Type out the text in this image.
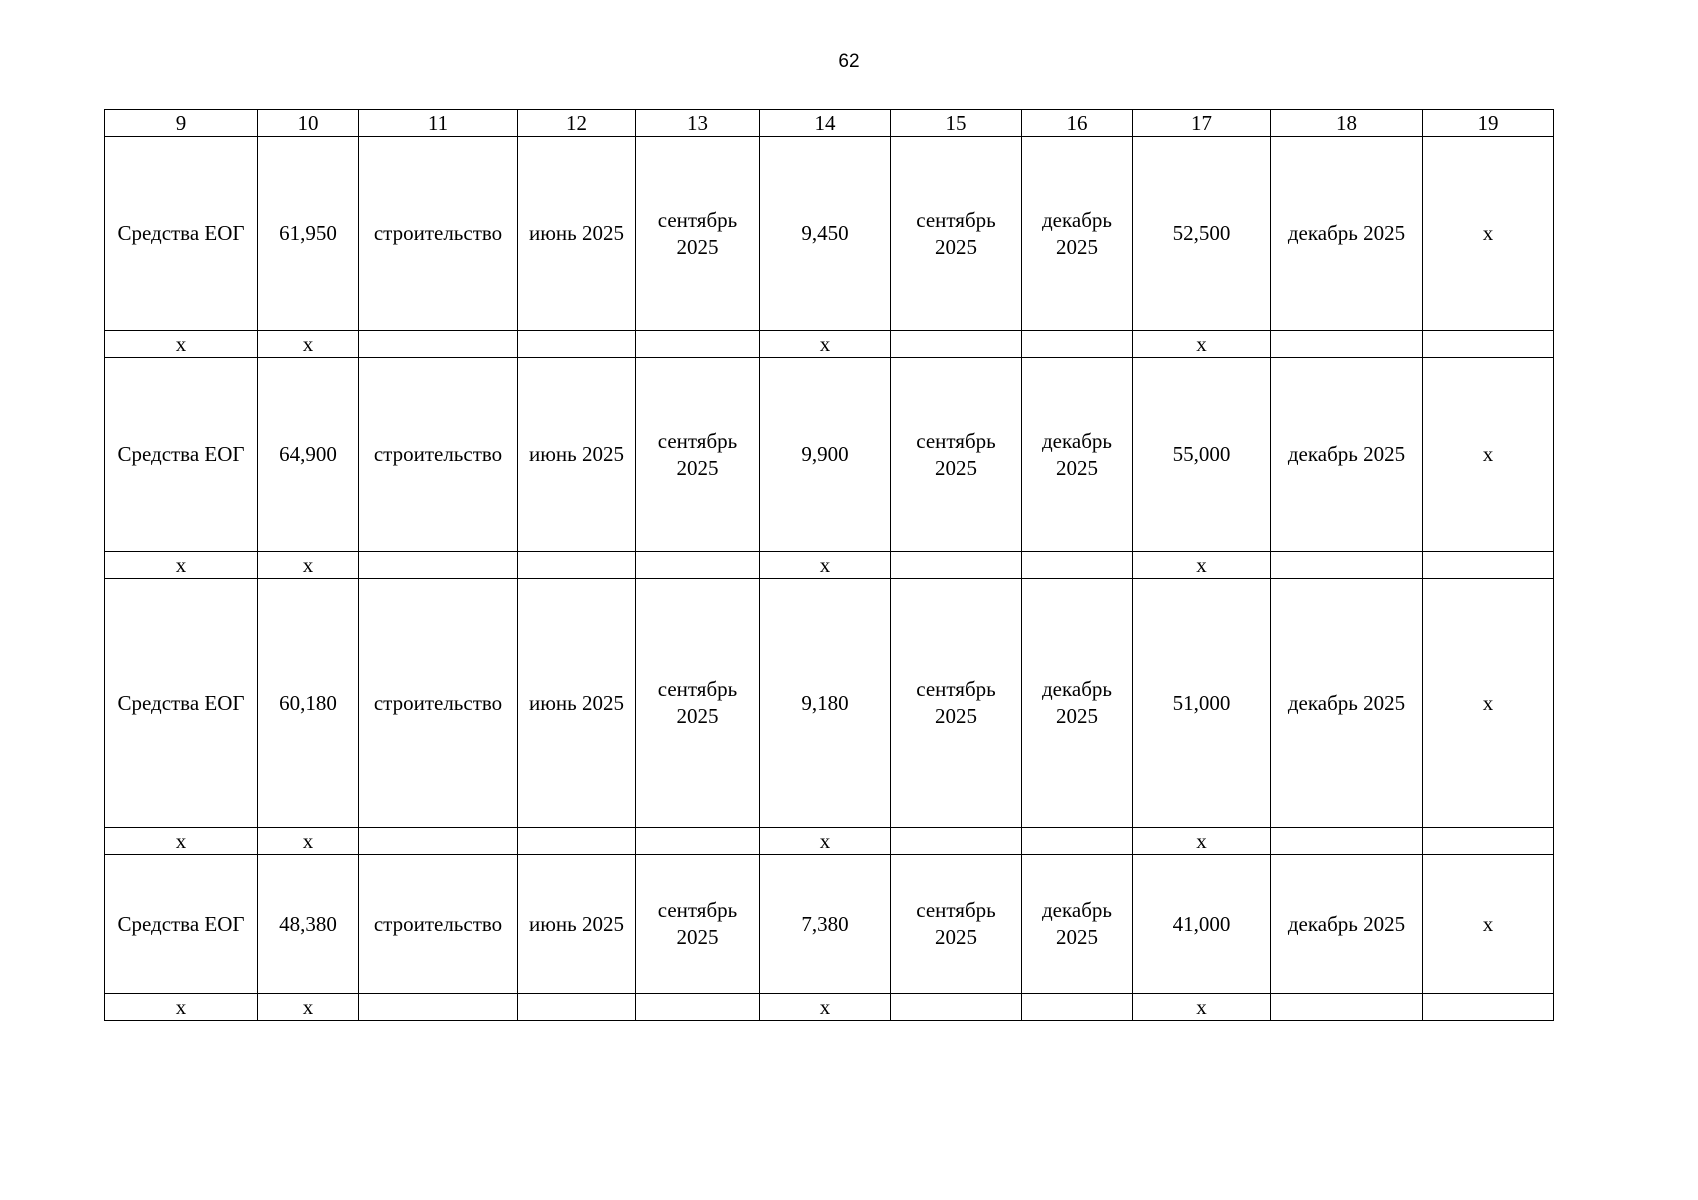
62
9	10	11	12	13	14	15	16	17	18	19
Средства ЕОГ	61,950	строительство	июнь 2025	сентябрь 2025	9,450	сентябрь 2025	декабрь 2025	52,500	декабрь 2025	х
х	х				х			х		
Средства ЕОГ	64,900	строительство	июнь 2025	сентябрь 2025	9,900	сентябрь 2025	декабрь 2025	55,000	декабрь 2025	х
х	х				х			х		
Средства ЕОГ	60,180	строительство	июнь 2025	сентябрь 2025	9,180	сентябрь 2025	декабрь 2025	51,000	декабрь 2025	х
х	х				х			х		
Средства ЕОГ	48,380	строительство	июнь 2025	сентябрь 2025	7,380	сентябрь 2025	декабрь 2025	41,000	декабрь 2025	х
х	х				х			х		
